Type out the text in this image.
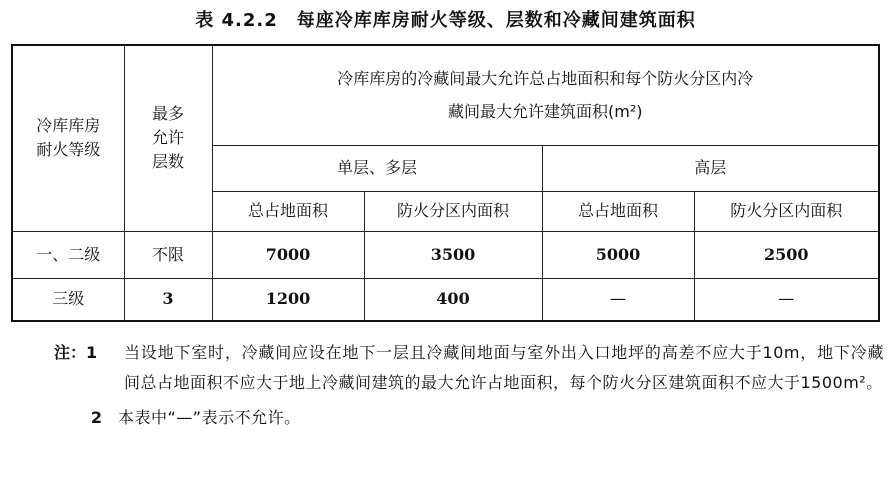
表 4.2.2　每座冷库库房耐火等级、层数和冷藏间建筑面积
冷库库房耐火等级	最多允许层数	冷库库房的冷藏间最大允许总占地面积和每个防火分区内冷藏间最大允许建筑面积(m²)			

		单层、多层		高层	
		总占地面积	防火分区内面积	总占地面积	防火分区内面积
一、二级	不限	7000	3500	5000	2500
三级	3	1200	400	—	—
注：1	当设地下室时，冷藏间应设在地下一层且冷藏间地面与室外出入口地坪的高差不应大于10m，地下冷藏间总占地面积不应大于地上冷藏间建筑的最大允许占地面积，每个防火分区建筑面积不应大于1500m²。
2	本表中“—”表示不允许。
